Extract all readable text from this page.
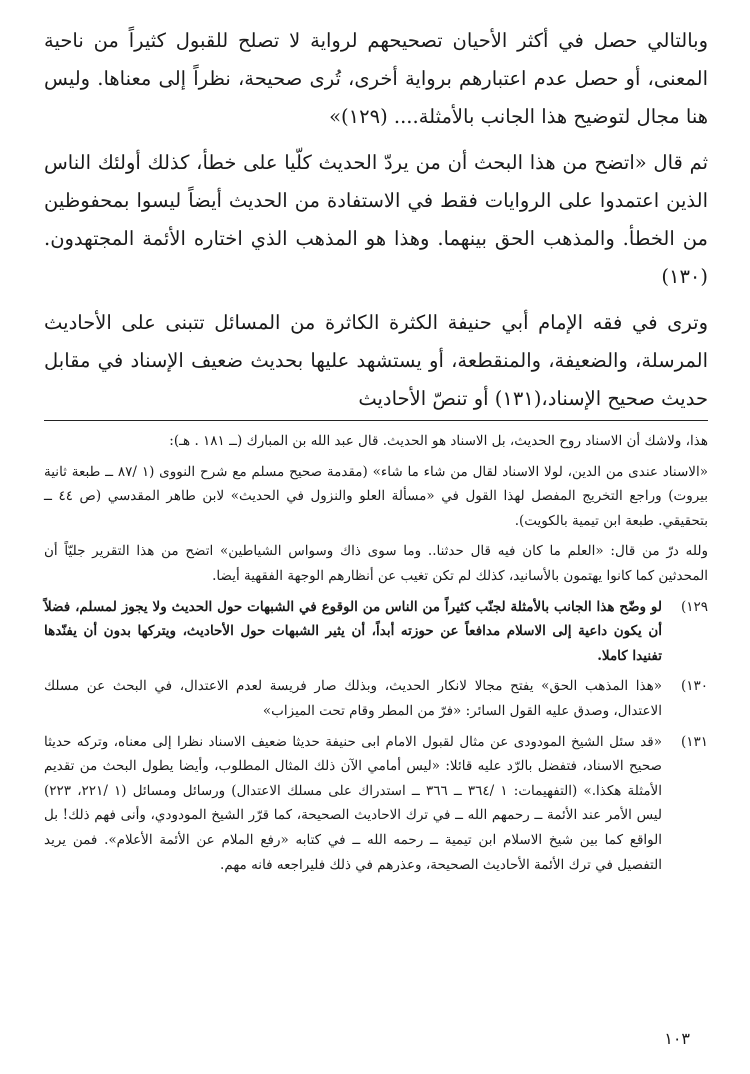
وبالتالي حصل في أكثر الأحيان تصحيحهم لرواية لا تصلح للقبول كثيراً من ناحية المعنى، أو حصل عدم اعتبارهم برواية أخرى، تُرى صحيحة، نظراً إلى معناها. وليس هنا مجال لتوضيح هذا الجانب بالأمثلة.... (١٢٩)»

ثم قال «اتضح من هذا البحث أن من يردّ الحديث كلّيا على خطأ، كذلك أولئك الناس الذين اعتمدوا على الروايات فقط في الاستفادة من الحديث أيضاً ليسوا بمحفوظين من الخطأ. والمذهب الحق بينهما. وهذا هو المذهب الذي اختاره الأئمة المجتهدون.(١٣٠)

وترى في فقه الإمام أبي حنيفة الكثرة الكاثرة من المسائل تتبنى على الأحاديث المرسلة، والضعيفة، والمنقطعة، أو يستشهد عليها بحديث ضعيف الإسناد في مقابل حديث صحيح الإسناد،(١٣١) أو تنصّ الأحاديث

هذا، ولاشك أن الاسناد روح الحديث، بل الاسناد هو الحديث. قال عبد الله بن المبارك (ــ ١٨١ . هـ):

«الاسناد عندى من الدين، لولا الاسناد لقال من شاء ما شاء» (مقدمة صحيح مسلم مع شرح النووى (١ /٨٧ ــ طبعة ثانية بيروت) وراجع التخريج المفصل لهذا القول في «مسألة العلو والنزول في الحديث» لابن طاهر المقدسي (ص ٤٤ ــ بتحقيقي. طبعة ابن تيمية بالكويت).

ولله درّ من قال: «العلم ما كان فيه قال حدثنا.. وما سوى ذاك وسواس الشياطين» اتضح من هذا التقرير جليّاً أن المحدثين كما كانوا يهتمون بالأسانيد، كذلك لم تكن تغيب عن أنظارهم الوجهة الفقهية أيضا.

١٢٩)
لو وضّح هذا الجانب بالأمثلة لجنّب كثيراً من الناس من الوقوع في الشبهات حول الحديث ولا يجوز لمسلم، فضلاً أن يكون داعية إلى الاسلام مدافعاً عن حوزته أبداً، أن يثير الشبهات حول الأحاديث، ويتركها بدون أن يفنّدها تفنيدا كاملا.
١٣٠)
«هذا المذهب الحق» يفتح مجالا لانكار الحديث، وبذلك صار فريسة لعدم الاعتدال، في البحث عن مسلك الاعتدال، وصدق عليه القول السائر: «فرّ من المطر وقام تحت الميزاب»
١٣١)
«قد سئل الشيخ المودودى عن مثال لقبول الامام ابى حنيفة حديثا ضعيف الاسناد نظرا إلى معناه، وتركه حديثا صحيح الاسناد، فتفضل بالرّد عليه قائلا: «ليس أمامي الآن ذلك المثال المطلوب، وأيضا يطول البحث من تقديم الأمثلة هكذا.» (التفهيمات: ١ /٣٦٤ ــ ٣٦٦ ــ استدراك على مسلك الاعتدال) ورسائل ومسائل (١ /٢٢١، ٢٢٣) ليس الأمر عند الأئمة ــ رحمهم الله ــ في ترك الاحاديث الصحيحة، كما قرّر الشيخ المودودي، وأنى فهم ذلك! بل الواقع كما بين شيخ الاسلام ابن تيمية ــ رحمه الله ــ في كتابه «رفع الملام عن الأئمة الأعلام». فمن يريد التفصيل في ترك الأئمة الأحاديث الصحيحة، وعذرهم في ذلك فليراجعه فانه مهم.
١٠٣
